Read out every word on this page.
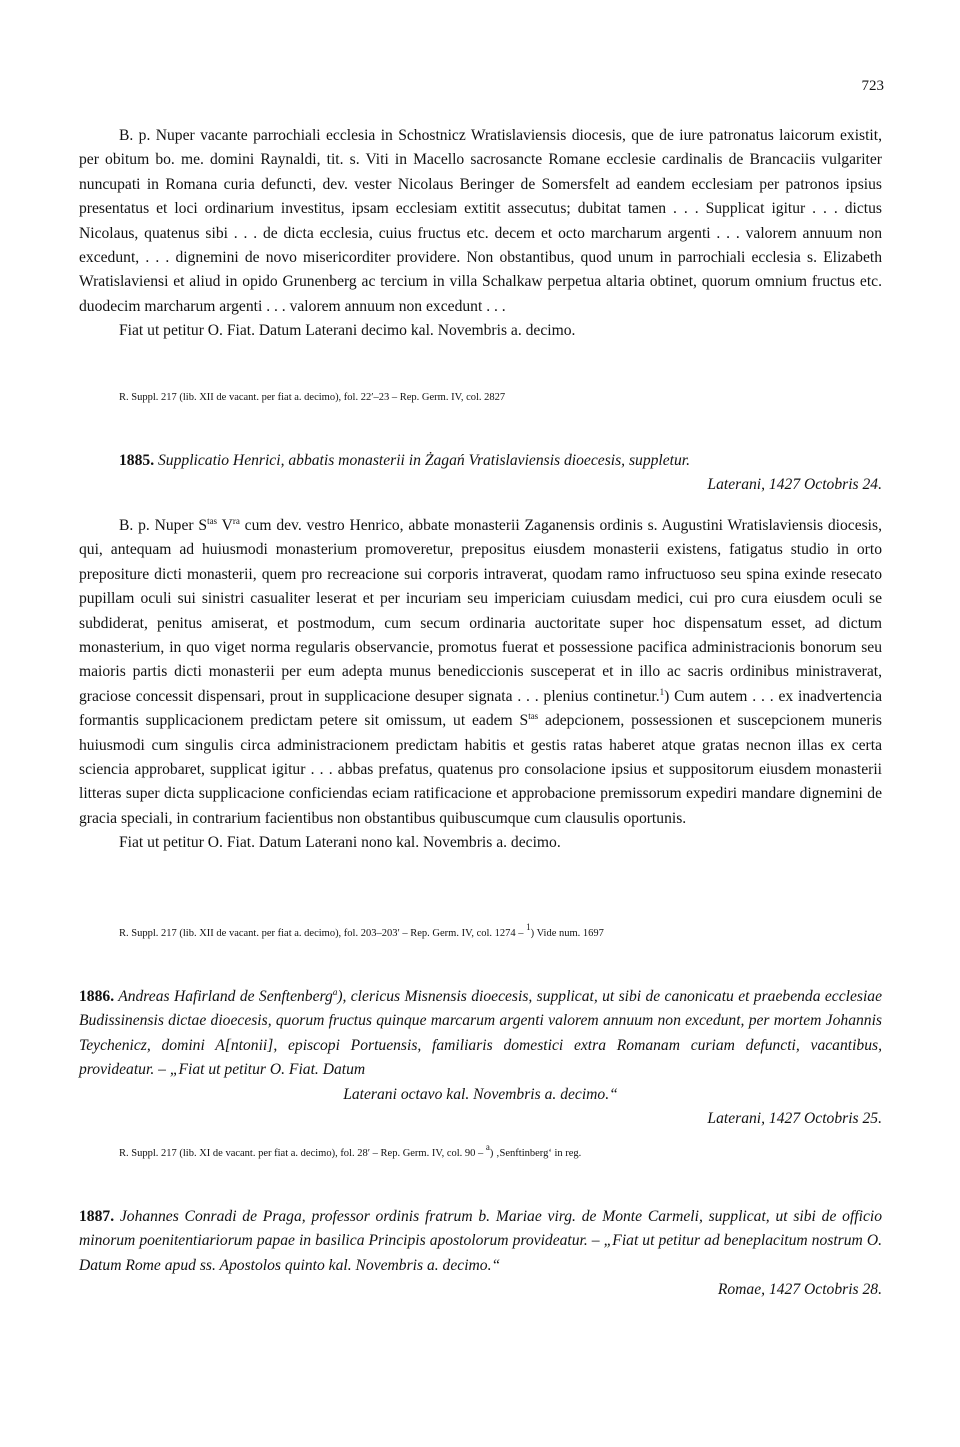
723

B. p. Nuper vacante parrochiali ecclesia in Schostnicz Wratislaviensis diocesis, que de iure patronatus laicorum existit, per obitum bo. me. domini Raynaldi, tit. s. Viti in Macello sacrosancte Romane ecclesie cardinalis de Brancaciis vulgariter nuncupati in Romana curia defuncti, dev. vester Nicolaus Beringer de Somersfelt ad eandem ecclesiam per patronos ipsius presentatus et loci ordinarium investitus, ipsam ecclesiam extitit assecutus; dubitat tamen . . . Supplicat igitur . . . dictus Nicolaus, quatenus sibi . . . de dicta ecclesia, cuius fructus etc. decem et octo marcharum argenti . . . valorem annuum non excedunt, . . . dignemini de novo misericorditer providere. Non obstantibus, quod unum in parrochiali ecclesia s. Elizabeth Wratislaviensi et aliud in opido Grunenberg ac tercium in villa Schalkaw perpetua altaria obtinet, quorum omnium fructus etc. duodecim marcharum argenti . . . valorem annuum non excedunt . . .

Fiat ut petitur O. Fiat. Datum Laterani decimo kal. Novembris a. decimo.

R. Suppl. 217 (lib. XII de vacant. per fiat a. decimo), fol. 22′–23 – Rep. Germ. IV, col. 2827

1885. Supplicatio Henrici, abbatis monasterii in Żagań Vratislaviensis dioecesis, suppletur.

Laterani, 1427 Octobris 24.

B. p. Nuper $S^{tas}$ $V^{ra}$ cum dev. vestro Henrico, abbate monasterii Zaganensis ordinis s. Augustini Wratislaviensis diocesis, qui, antequam ad huiusmodi monasterium promoveretur, prepositus eiusdem monasterii existens, fatigatus studio in orto prepositure dicti monasterii, quem pro recreacione sui corporis intraverat, quodam ramo infructuoso seu spina exinde resecato pupillam oculi sui sinistri casualiter leserat et per incuriam seu impericiam cuiusdam medici, cui pro cura eiusdem oculi se subdiderat, penitus amiserat, et postmodum, cum secum ordinaria auctoritate super hoc dispensatum esset, ad dictum monasterium, in quo viget norma regularis observancie, promotus fuerat et possessione pacifica administracionis bonorum seu maioris partis dicti monasterii per eum adepta munus benediccionis susceperat et in illo ac sacris ordinibus ministraverat, graciose concessit dispensari, prout in supplicacione desuper signata . . . plenius continetur.$^1$) Cum autem . . . ex inadvertencia formantis supplicacionem predictam petere sit omissum, ut eadem $S^{tas}$ adepcionem, possessionen et suscepcionem muneris huiusmodi cum singulis circa administracionem predictam habitis et gestis ratas haberet atque gratas necnon illas ex certa sciencia approbaret, supplicat igitur . . . abbas prefatus, quatenus pro consolacione ipsius et suppositorum eiusdem monasterii litteras super dicta supplicacione conficiendas eciam ratificacione et approbacione premissorum expediri mandare dignemini de gracia speciali, in contrarium facientibus non obstantibus quibuscumque cum clausulis oportunis.

Fiat ut petitur O. Fiat. Datum Laterani nono kal. Novembris a. decimo.

R. Suppl. 217 (lib. XII de vacant. per fiat a. decimo), fol. 203–203′ – Rep. Germ. IV, col. 1274 – $^1$) Vide num. 1697

1886. Andreas Hafirland de Senftenberg$^a$), clericus Misnensis dioecesis, supplicat, ut sibi de canonicatu et praebenda ecclesiae Budissinensis dictae dioecesis, quorum fructus quinque marcarum argenti valorem annuum non excedunt, per mortem Johannis Teychenicz, domini A[ntonii], episcopi Portuensis, familiaris domestici extra Romanam curiam defuncti, vacantibus, provideatur. – „Fiat ut petitur O. Fiat. Datum

Laterani octavo kal. Novembris a. decimo.“

Laterani, 1427 Octobris 25.

R. Suppl. 217 (lib. XI de vacant. per fiat a. decimo), fol. 28′ – Rep. Germ. IV, col. 90 – $^a$) ‚Senftinberg‘ in reg.

1887. Johannes Conradi de Praga, professor ordinis fratrum b. Mariae virg. de Monte Carmeli, supplicat, ut sibi de officio minorum poenitentiariorum papae in basilica Principis apostolorum provideatur. – „Fiat ut petitur ad beneplacitum nostrum O. Datum Rome apud ss. Apostolos quinto kal. Novembris a. decimo.“

Romae, 1427 Octobris 28.
